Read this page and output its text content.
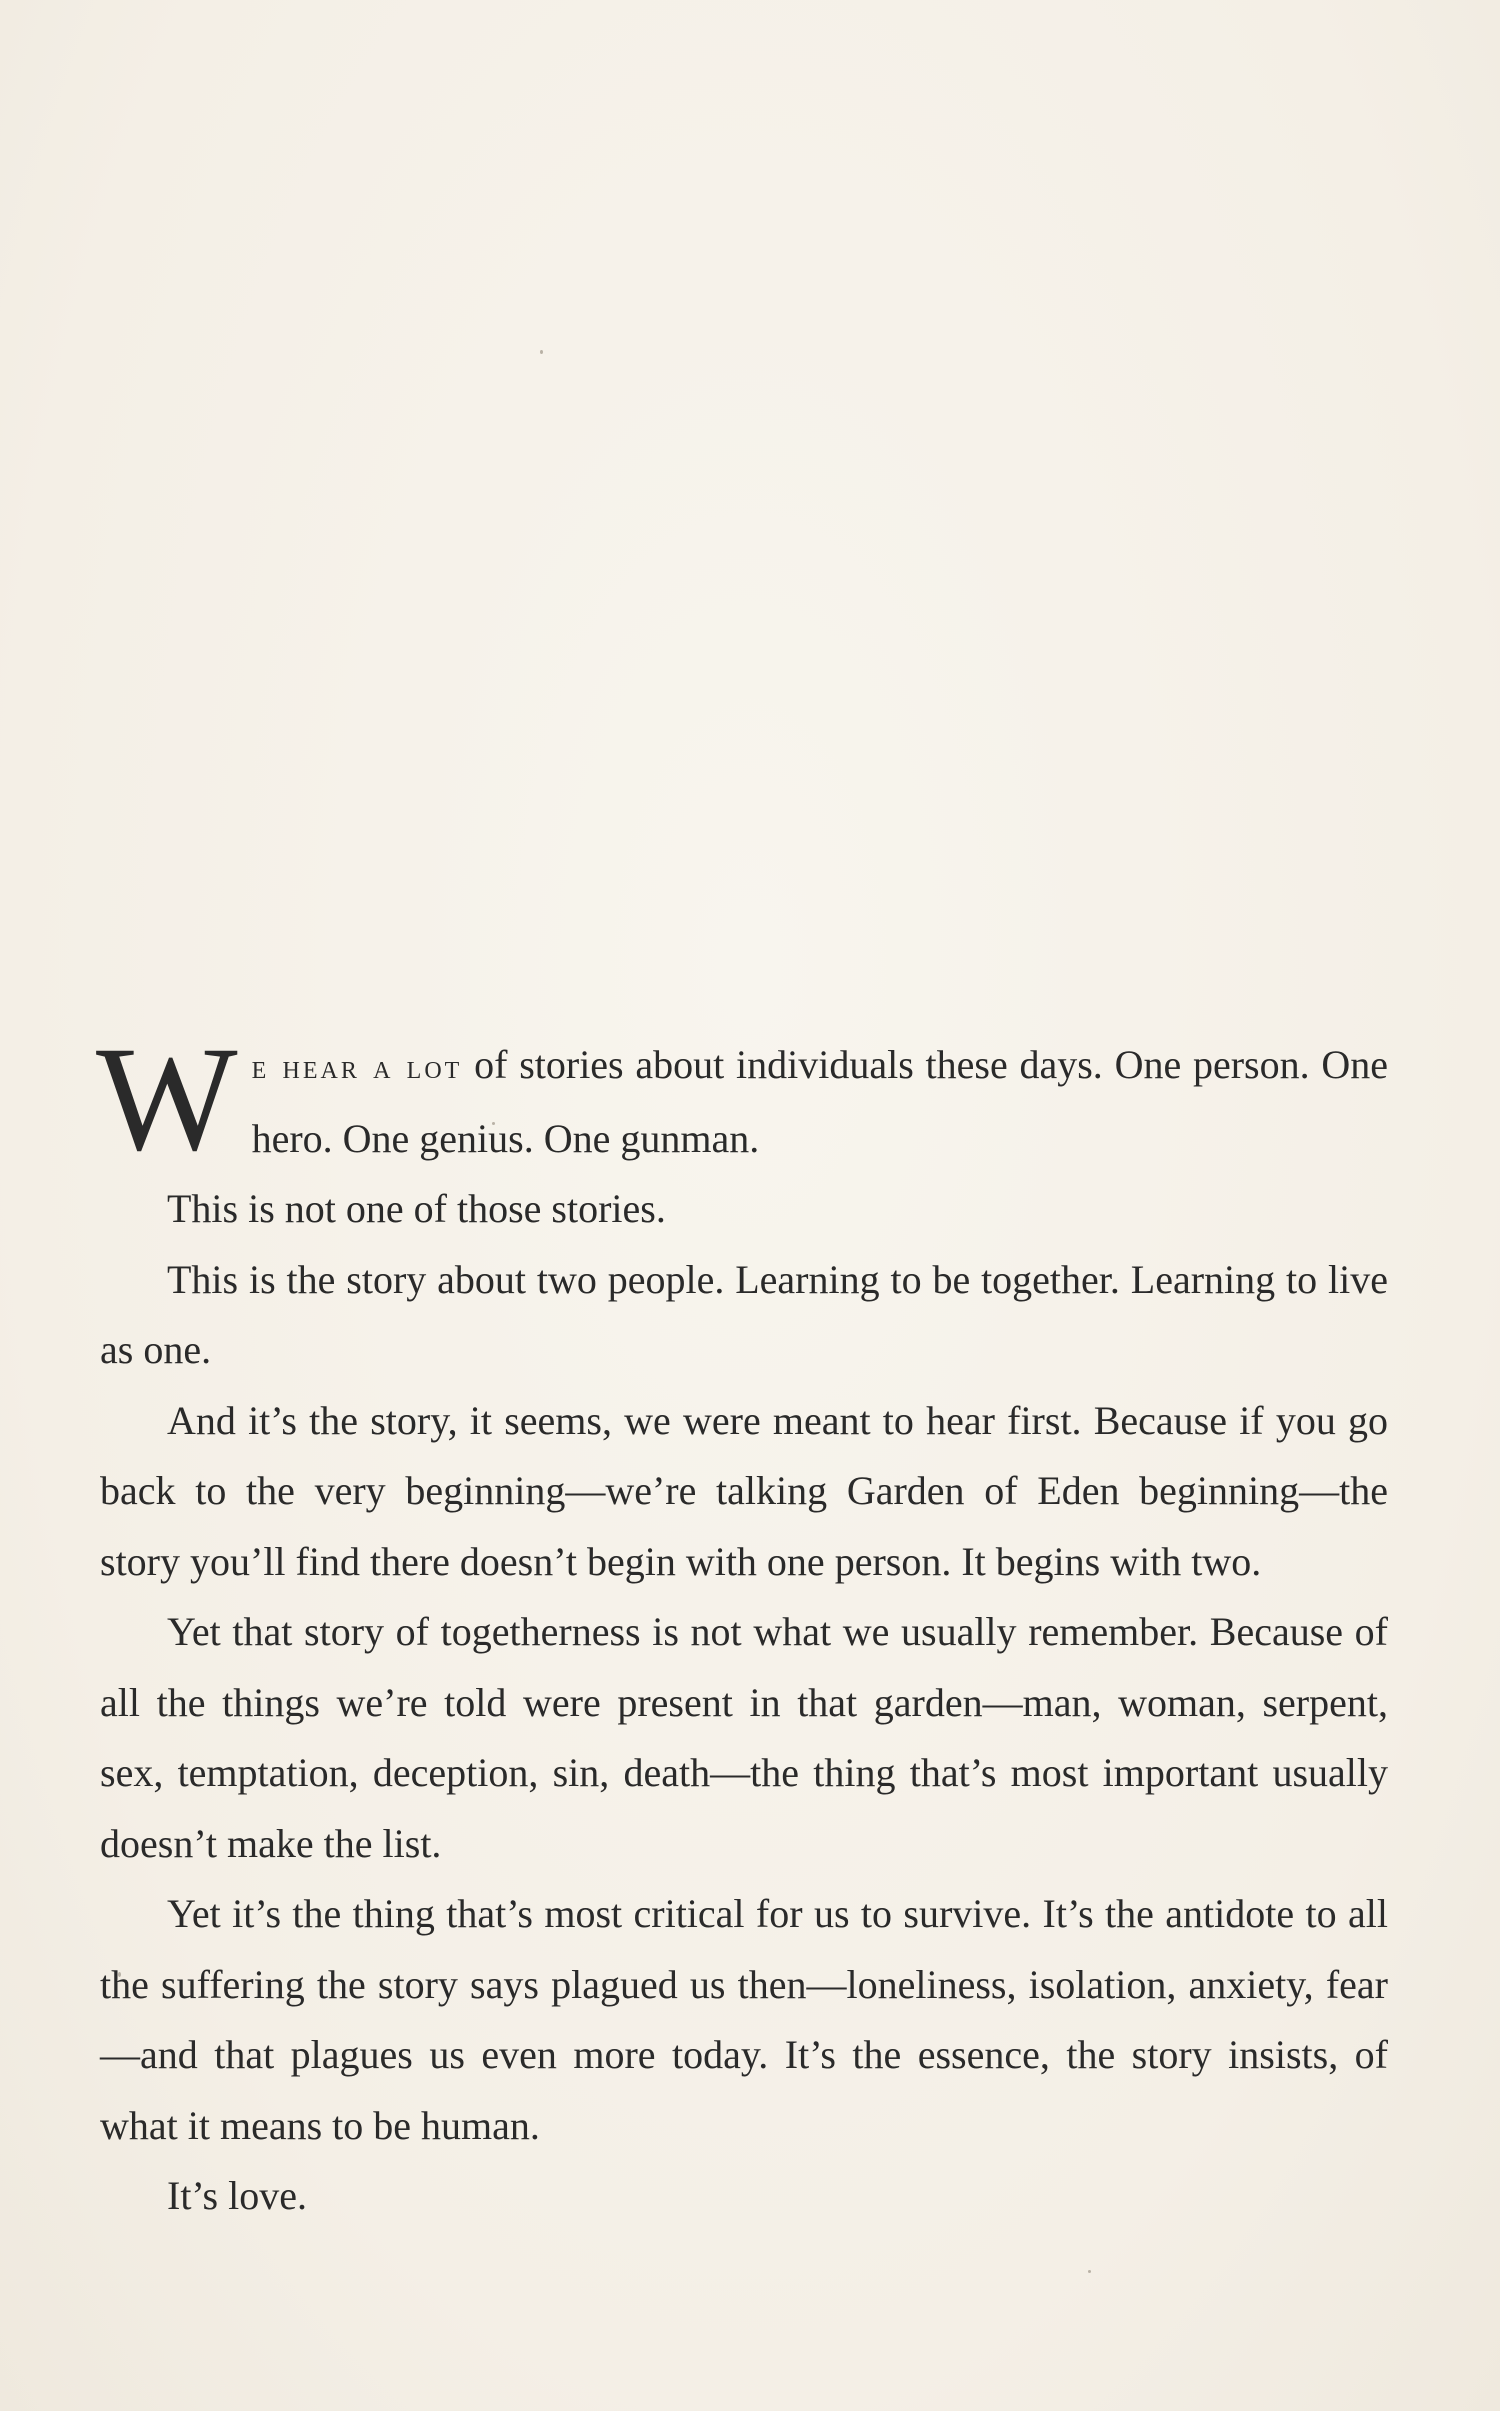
We hear a lot of stories about individuals these days. One person. One hero. One genius. One gunman.

This is not one of those stories.

This is the story about two people. Learning to be together. Learning to live as one.

And it’s the story, it seems, we were meant to hear first. Because if you go back to the very beginning—we’re talking Garden of Eden beginning—the story you’ll find there doesn’t begin with one person. It begins with two.

Yet that story of togetherness is not what we usually remember. Because of all the things we’re told were present in that garden—man, woman, serpent, sex, temptation, deception, sin, death—the thing that’s most important usually doesn’t make the list.

Yet it’s the thing that’s most critical for us to survive. It’s the antidote to all the suffering the story says plagued us then—loneliness, isolation, anxiety, fear—and that plagues us even more today. It’s the essence, the story insists, of what it means to be human.

It’s love.
